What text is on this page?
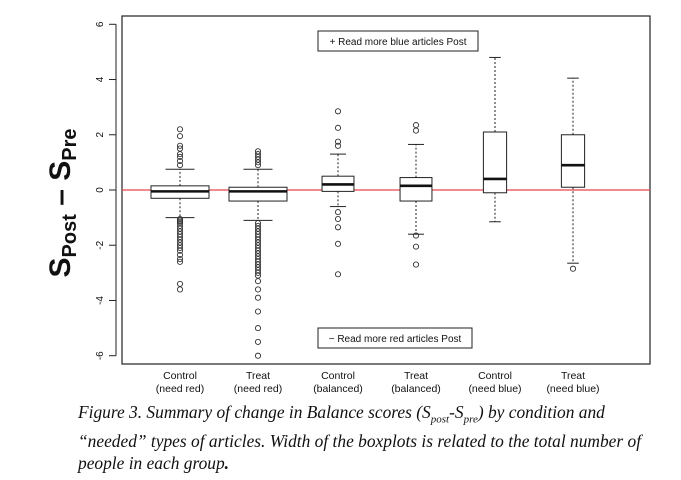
-6
-4
-2
0
2
4
6
Control
(need red)
Treat
(need red)
Control
(balanced)
Treat
(balanced)
Control
(need blue)
Treat
(need blue)
+ Read more blue articles Post
− Read more red articles Post
SPost – SPre
Figure 3. Summary of change in Balance scores $(S_{post}-S_{pre})$ by condition and “needed” types of articles. Width of the boxplots is related to the total number of people in each group.
